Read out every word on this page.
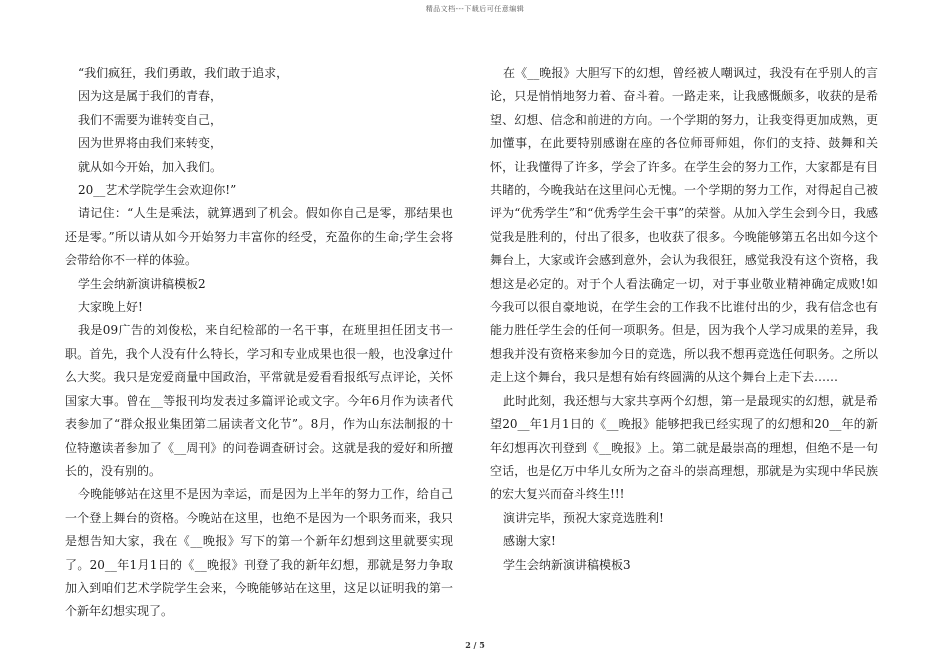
精品文档---下载后可任意编辑

“我们疯狂，我们勇敢，我们敢于追求，

因为这是属于我们的青春，

我们不需要为谁转变自己，

因为世界将由我们来转变，

就从如今开始，加入我们。

20__艺术学院学生会欢迎你!”

请记住：“人生是乘法，就算遇到了机会。假如你自己是零，那结果也还是零。”所以请从如今开始努力丰富你的经受，充盈你的生命;学生会将会带给你不一样的体验。

学生会纳新演讲稿模板2

大家晚上好!

我是09广告的刘俊松，来自纪检部的一名干事，在班里担任团支书一职。首先，我个人没有什么特长，学习和专业成果也很一般，也没拿过什么大奖。我只是宠爱商量中国政治，平常就是爱看看报纸写点评论，关怀国家大事。曾在__等报刊均发表过多篇评论或文字。今年6月作为读者代表参加了“群众报业集团第二届读者文化节”。8月，作为山东法制报的十位特邀读者参加了《__周刊》的问卷调查研讨会。这就是我的爱好和所擅长的，没有别的。

今晚能够站在这里不是因为幸运，而是因为上半年的努力工作，给自己一个登上舞台的资格。今晚站在这里，也绝不是因为一个职务而来，我只是想告知大家，我在《__晚报》写下的第一个新年幻想到这里就要实现了。20__年1月1日的《__晚报》刊登了我的新年幻想，那就是努力争取加入到咱们艺术学院学生会来，今晚能够站在这里，这足以证明我的第一个新年幻想实现了。

在《__晚报》大胆写下的幻想，曾经被人嘲讽过，我没有在乎别人的言论，只是悄悄地努力着、奋斗着。一路走来，让我感慨颇多，收获的是希望、幻想、信念和前进的方向。一个学期的努力，让我变得更加成熟，更加懂事，在此要特别感谢在座的各位师哥师姐，你们的支持、鼓舞和关怀，让我懂得了许多，学会了许多。在学生会的努力工作，大家都是有目共睹的，今晚我站在这里问心无愧。一个学期的努力工作，对得起自己被评为“优秀学生”和“优秀学生会干事”的荣誉。从加入学生会到今日，我感觉我是胜利的，付出了很多，也收获了很多。今晚能够第五名出如今这个舞台上，大家或许会感到意外，会认为我很狂，感觉我没有这个资格，我想这是必定的。对于个人看法确定一切，对于事业敬业精神确定成败!如今我可以很自豪地说，在学生会的工作我不比谁付出的少，我有信念也有能力胜任学生会的任何一项职务。但是，因为我个人学习成果的差异，我想我并没有资格来参加今日的竞选，所以我不想再竞选任何职务。之所以走上这个舞台，我只是想有始有终圆满的从这个舞台上走下去……

此时此刻，我还想与大家共享两个幻想，第一是最现实的幻想，就是希望20__年1月1日的《__晚报》能够把我已经实现了的幻想和20__年的新年幻想再次刊登到《__晚报》上。第二就是最崇高的理想，但绝不是一句空话，也是亿万中华儿女所为之奋斗的崇高理想，那就是为实现中华民族的宏大复兴而奋斗终生!!!

演讲完毕，预祝大家竞选胜利!

感谢大家!

学生会纳新演讲稿模板3

2 / 5
